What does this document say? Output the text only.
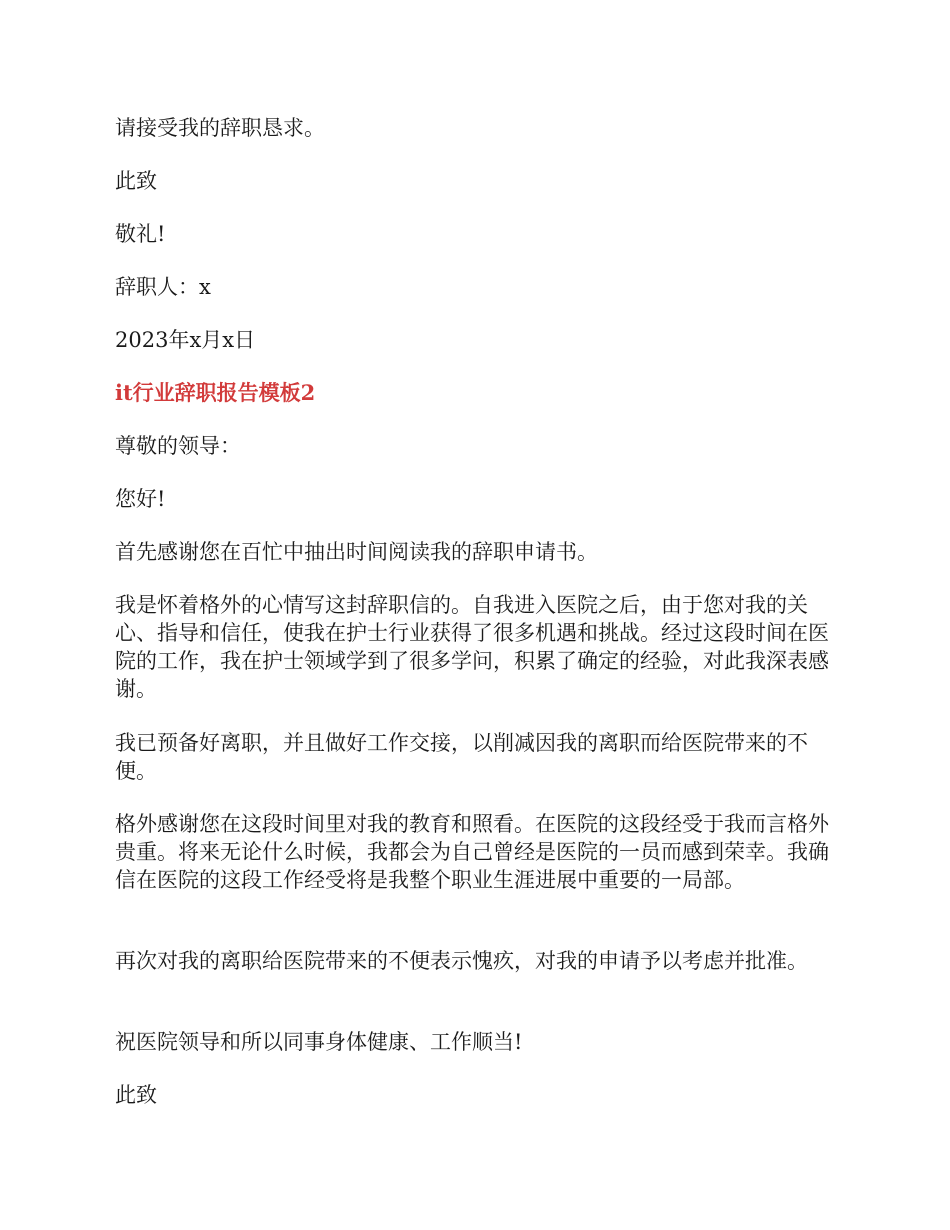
请接受我的辞职恳求。

此致

敬礼!

辞职人：x

2023年x月x日

it行业辞职报告模板2

尊敬的领导：

您好!

首先感谢您在百忙中抽出时间阅读我的辞职申请书。

我是怀着格外的心情写这封辞职信的。自我进入医院之后，由于您对我的关心、指导和信任，使我在护士行业获得了很多机遇和挑战。经过这段时间在医院的工作，我在护士领域学到了很多学问，积累了确定的经验，对此我深表感谢。

我已预备好离职，并且做好工作交接，以削减因我的离职而给医院带来的不便。

格外感谢您在这段时间里对我的教育和照看。在医院的这段经受于我而言格外贵重。将来无论什么时候，我都会为自己曾经是医院的一员而感到荣幸。我确信在医院的这段工作经受将是我整个职业生涯进展中重要的一局部。

再次对我的离职给医院带来的不便表示愧疚，对我的申请予以考虑并批准。

祝医院领导和所以同事身体健康、工作顺当!

此致
